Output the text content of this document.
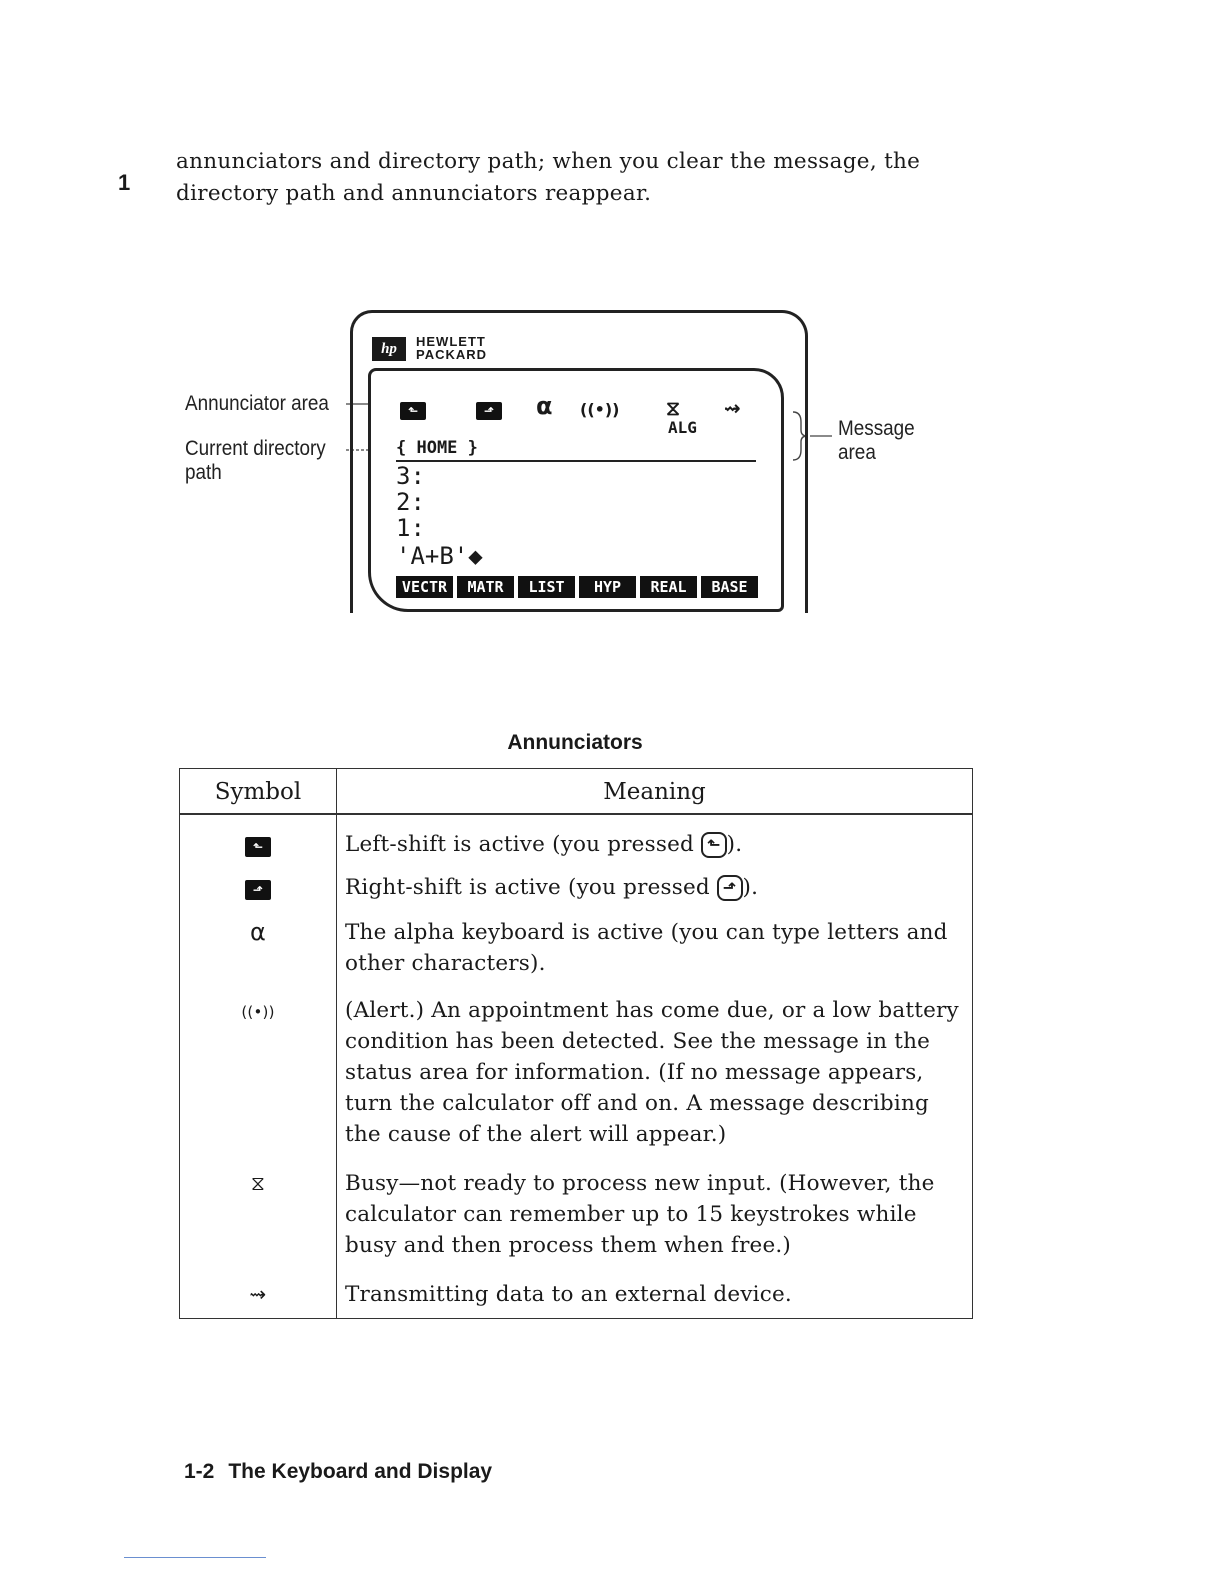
1
annunciators and directory path; when you clear the message, the directory path and annunciators reappear.
Annunciator area
Current directory path
Message area
hp	HEWLETT
PACKARD
⬑	⬏	α ((•)) ⧖ ⇝
ALG
{ HOME }
3:
2:
1:
'A+B'◆
VECTR	MATR	LIST	HYP	REAL	BASE
Annunciators
Symbol	Meaning
⬑	Left-shift is active (you pressed ⬑ ).
⬏	Right-shift is active (you pressed ⬏ ).
α	The alpha keyboard is active (you can type letters and other characters).
((•))	(Alert.) An appointment has come due, or a low battery condition has been detected. See the message in the status area for information. (If no message appears, turn the calculator off and on. A message describing the cause of the alert will appear.)
⧖	Busy—not ready to process new input. (However, the calculator can remember up to 15 keystrokes while busy and then process them when free.)
⇝	Transmitting data to an external device.
1-2 The Keyboard and Display
